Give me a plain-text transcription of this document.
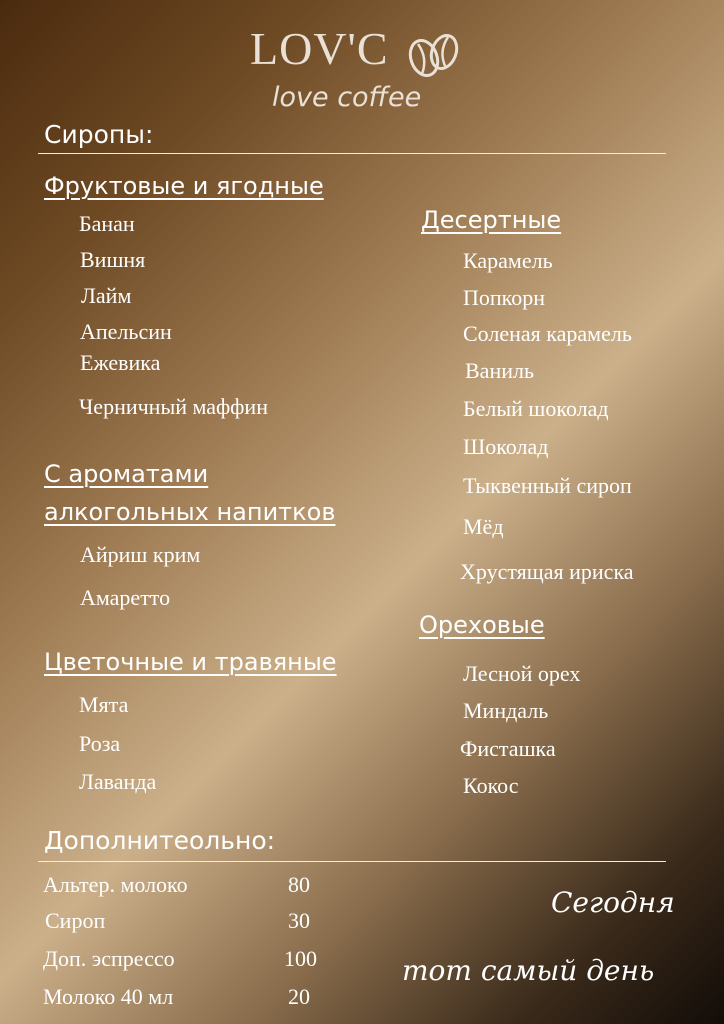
LOV'C
love coffee
Сиропы:
Фруктовые и ягодные
Банан
Вишня
Лайм
Апельсин
Ежевика
Черничный маффин
С ароматами
алкогольных напитков
Айриш крим
Амаретто
Цветочные и травяные
Мята
Роза
Лаванда
Десертные
Карамель
Попкорн
Соленая карамель
Ваниль
Белый шоколад
Шоколад
Тыквенный сироп
Мёд
Хрустящая ириска
Ореховые
Лесной орех
Миндаль
Фисташка
Кокос
Дополнитеольно:
Альтер. молоко	80
Сироп	30
Доп. эспрессо	100
Молоко 40 мл	20
Сегодня
тот самый день
